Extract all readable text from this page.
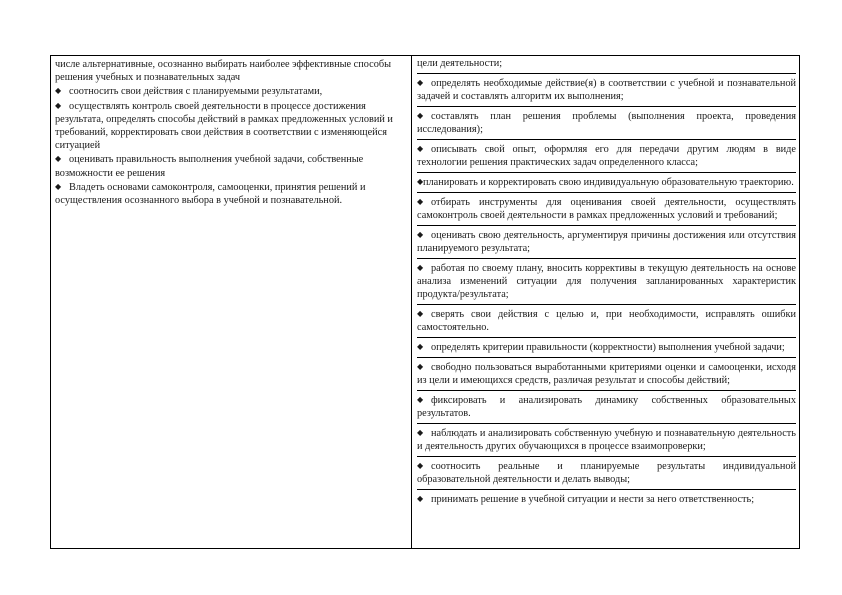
числе альтернативные, осознанно выбирать наиболее эффективные способы решения учебных и познавательных задач

◆ соотносить свои действия с планируемыми результатами,

◆ осуществлять контроль своей деятельности в процессе достижения результата, определять способы действий в рамках предложенных условий и требований, корректировать свои действия в соответствии с изменяющейся ситуацией

◆ оценивать правильность выполнения учебной задачи, собственные возможности ее решения

◆ Владеть основами самоконтроля, самооценки, принятия решений и осуществления осознанного выбора в учебной и познавательной.

цели деятельности;

◆ определять необходимые действие(я) в соответствии с учебной и познавательной задачей и составлять алгоритм их выполнения;

◆ составлять план решения проблемы (выполнения проекта, проведения исследования);

◆ описывать свой опыт, оформляя его для передачи другим людям в виде технологии решения практических задач определенного класса;

◆планировать и корректировать свою индивидуальную образовательную траекторию.

◆ отбирать инструменты для оценивания своей деятельности, осуществлять самоконтроль своей деятельности в рамках предложенных условий и требований;

◆ оценивать свою деятельность, аргументируя причины достижения или отсутствия планируемого результата;

◆ работая по своему плану, вносить коррективы в текущую деятельность на основе анализа изменений ситуации для получения запланированных характеристик продукта/результата;

◆ сверять свои действия с целью и, при необходимости, исправлять ошибки самостоятельно.

◆ определять критерии правильности (корректности) выполнения учебной задачи;

◆ свободно пользоваться выработанными критериями оценки и самооценки, исходя из цели и имеющихся средств, различая результат и способы действий;

◆ фиксировать и анализировать динамику собственных образовательных результатов.

◆ наблюдать и анализировать собственную учебную и познавательную деятельность и деятельность других обучающихся в процессе взаимопроверки;

◆ соотносить реальные и планируемые результаты индивидуальной образовательной деятельности и делать выводы;

◆ принимать решение в учебной ситуации и нести за него ответственность;
